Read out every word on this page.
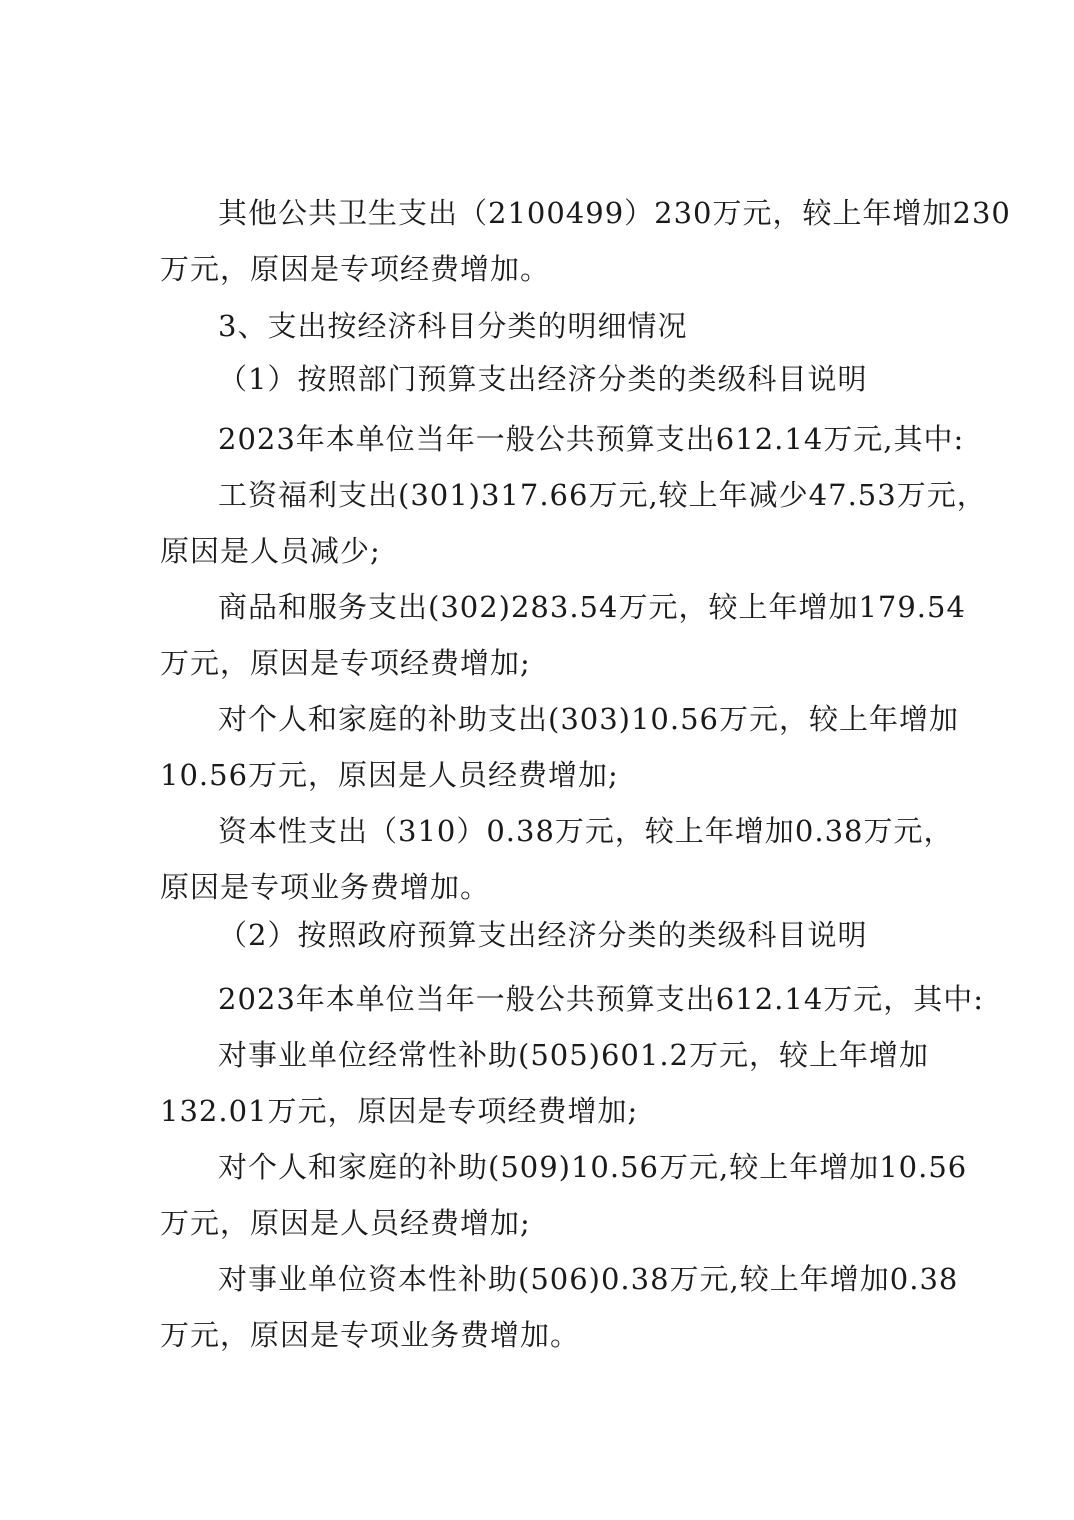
其他公共卫生支出（2100499）230万元，较上年增加230
万元，原因是专项经费增加。
3、支出按经济科目分类的明细情况
（1）按照部门预算支出经济分类的类级科目说明
2023年本单位当年一般公共预算支出612.14万元,其中:
工资福利支出(301)317.66万元,较上年减少47.53万元，
原因是人员减少;
商品和服务支出(302)283.54万元，较上年增加179.54
万元，原因是专项经费增加;
对个人和家庭的补助支出(303)10.56万元，较上年增加
10.56万元，原因是人员经费增加;
资本性支出（310）0.38万元，较上年增加0.38万元，
原因是专项业务费增加。
（2）按照政府预算支出经济分类的类级科目说明
2023年本单位当年一般公共预算支出612.14万元，其中:
对事业单位经常性补助(505)601.2万元，较上年增加
132.01万元，原因是专项经费增加;
对个人和家庭的补助(509)10.56万元,较上年增加10.56
万元，原因是人员经费增加;
对事业单位资本性补助(506)0.38万元,较上年增加0.38
万元，原因是专项业务费增加。
